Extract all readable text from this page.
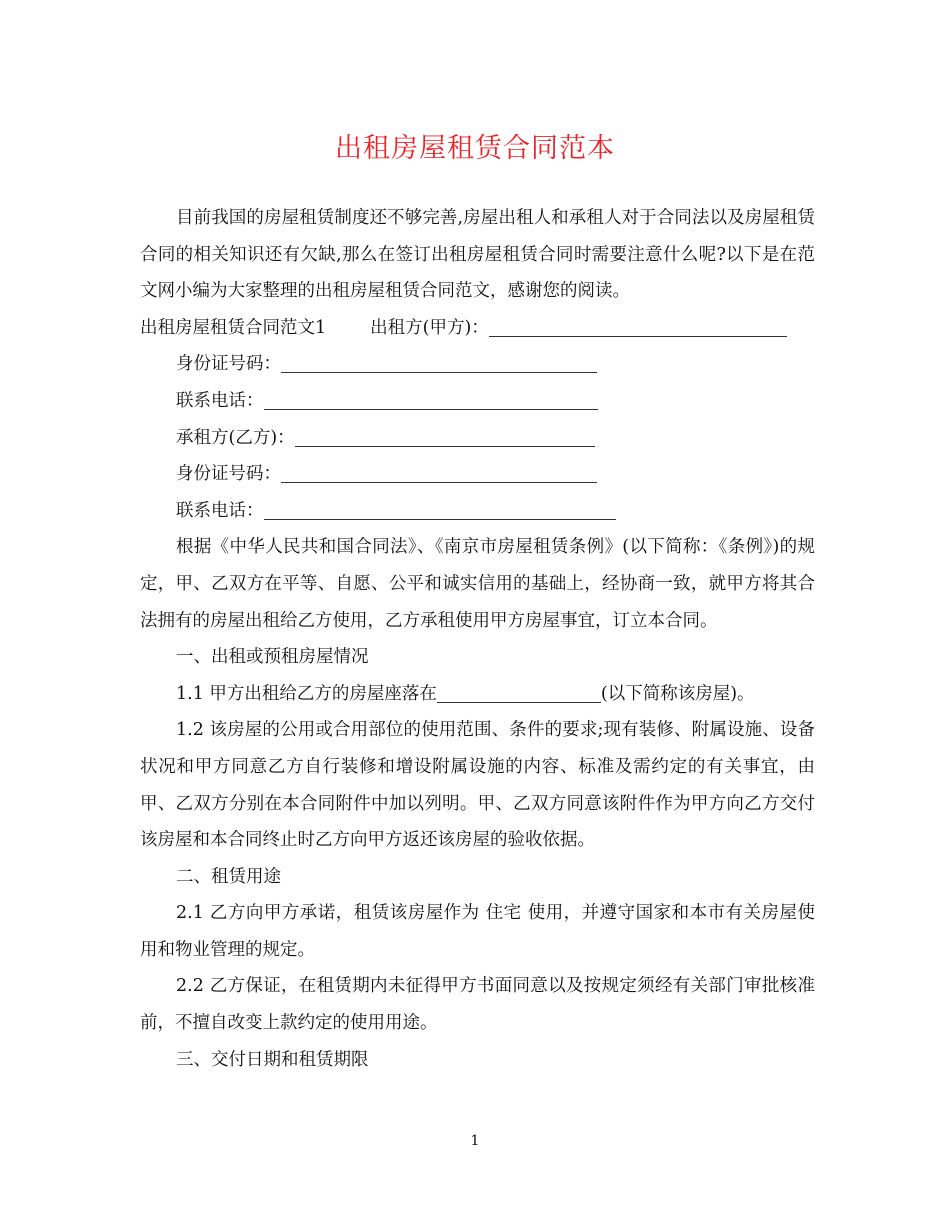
出租房屋租赁合同范本

目前我国的房屋租赁制度还不够完善,房屋出租人和承租人对于合同法以及房屋租赁合同的相关知识还有欠缺,那么在签订出租房屋租赁合同时需要注意什么呢?以下是在范文网小编为大家整理的出租房屋租赁合同范文，感谢您的阅读。

出租房屋租赁合同范文1	出租方(甲方)：

身份证号码：

联系电话：

承租方(乙方)：

身份证号码：

联系电话：

根据《中华人民共和国合同法》、《南京市房屋租赁条例》(以下简称：《条例》)的规定，甲、乙双方在平等、自愿、公平和诚实信用的基础上，经协商一致，就甲方将其合法拥有的房屋出租给乙方使用，乙方承租使用甲方房屋事宜，订立本合同。

一、出租或预租房屋情况

1.1 甲方出租给乙方的房屋座落在	(以下简称该房屋)。

1.2 该房屋的公用或合用部位的使用范围、条件的要求;现有装修、附属设施、设备状况和甲方同意乙方自行装修和增设附属设施的内容、标准及需约定的有关事宜，由甲、乙双方分别在本合同附件中加以列明。甲、乙双方同意该附件作为甲方向乙方交付该房屋和本合同终止时乙方向甲方返还该房屋的验收依据。

二、租赁用途

2.1 乙方向甲方承诺，租赁该房屋作为 住宅 使用，并遵守国家和本市有关房屋使用和物业管理的规定。

2.2 乙方保证，在租赁期内未征得甲方书面同意以及按规定须经有关部门审批核准前，不擅自改变上款约定的使用用途。

三、交付日期和租赁期限

1
